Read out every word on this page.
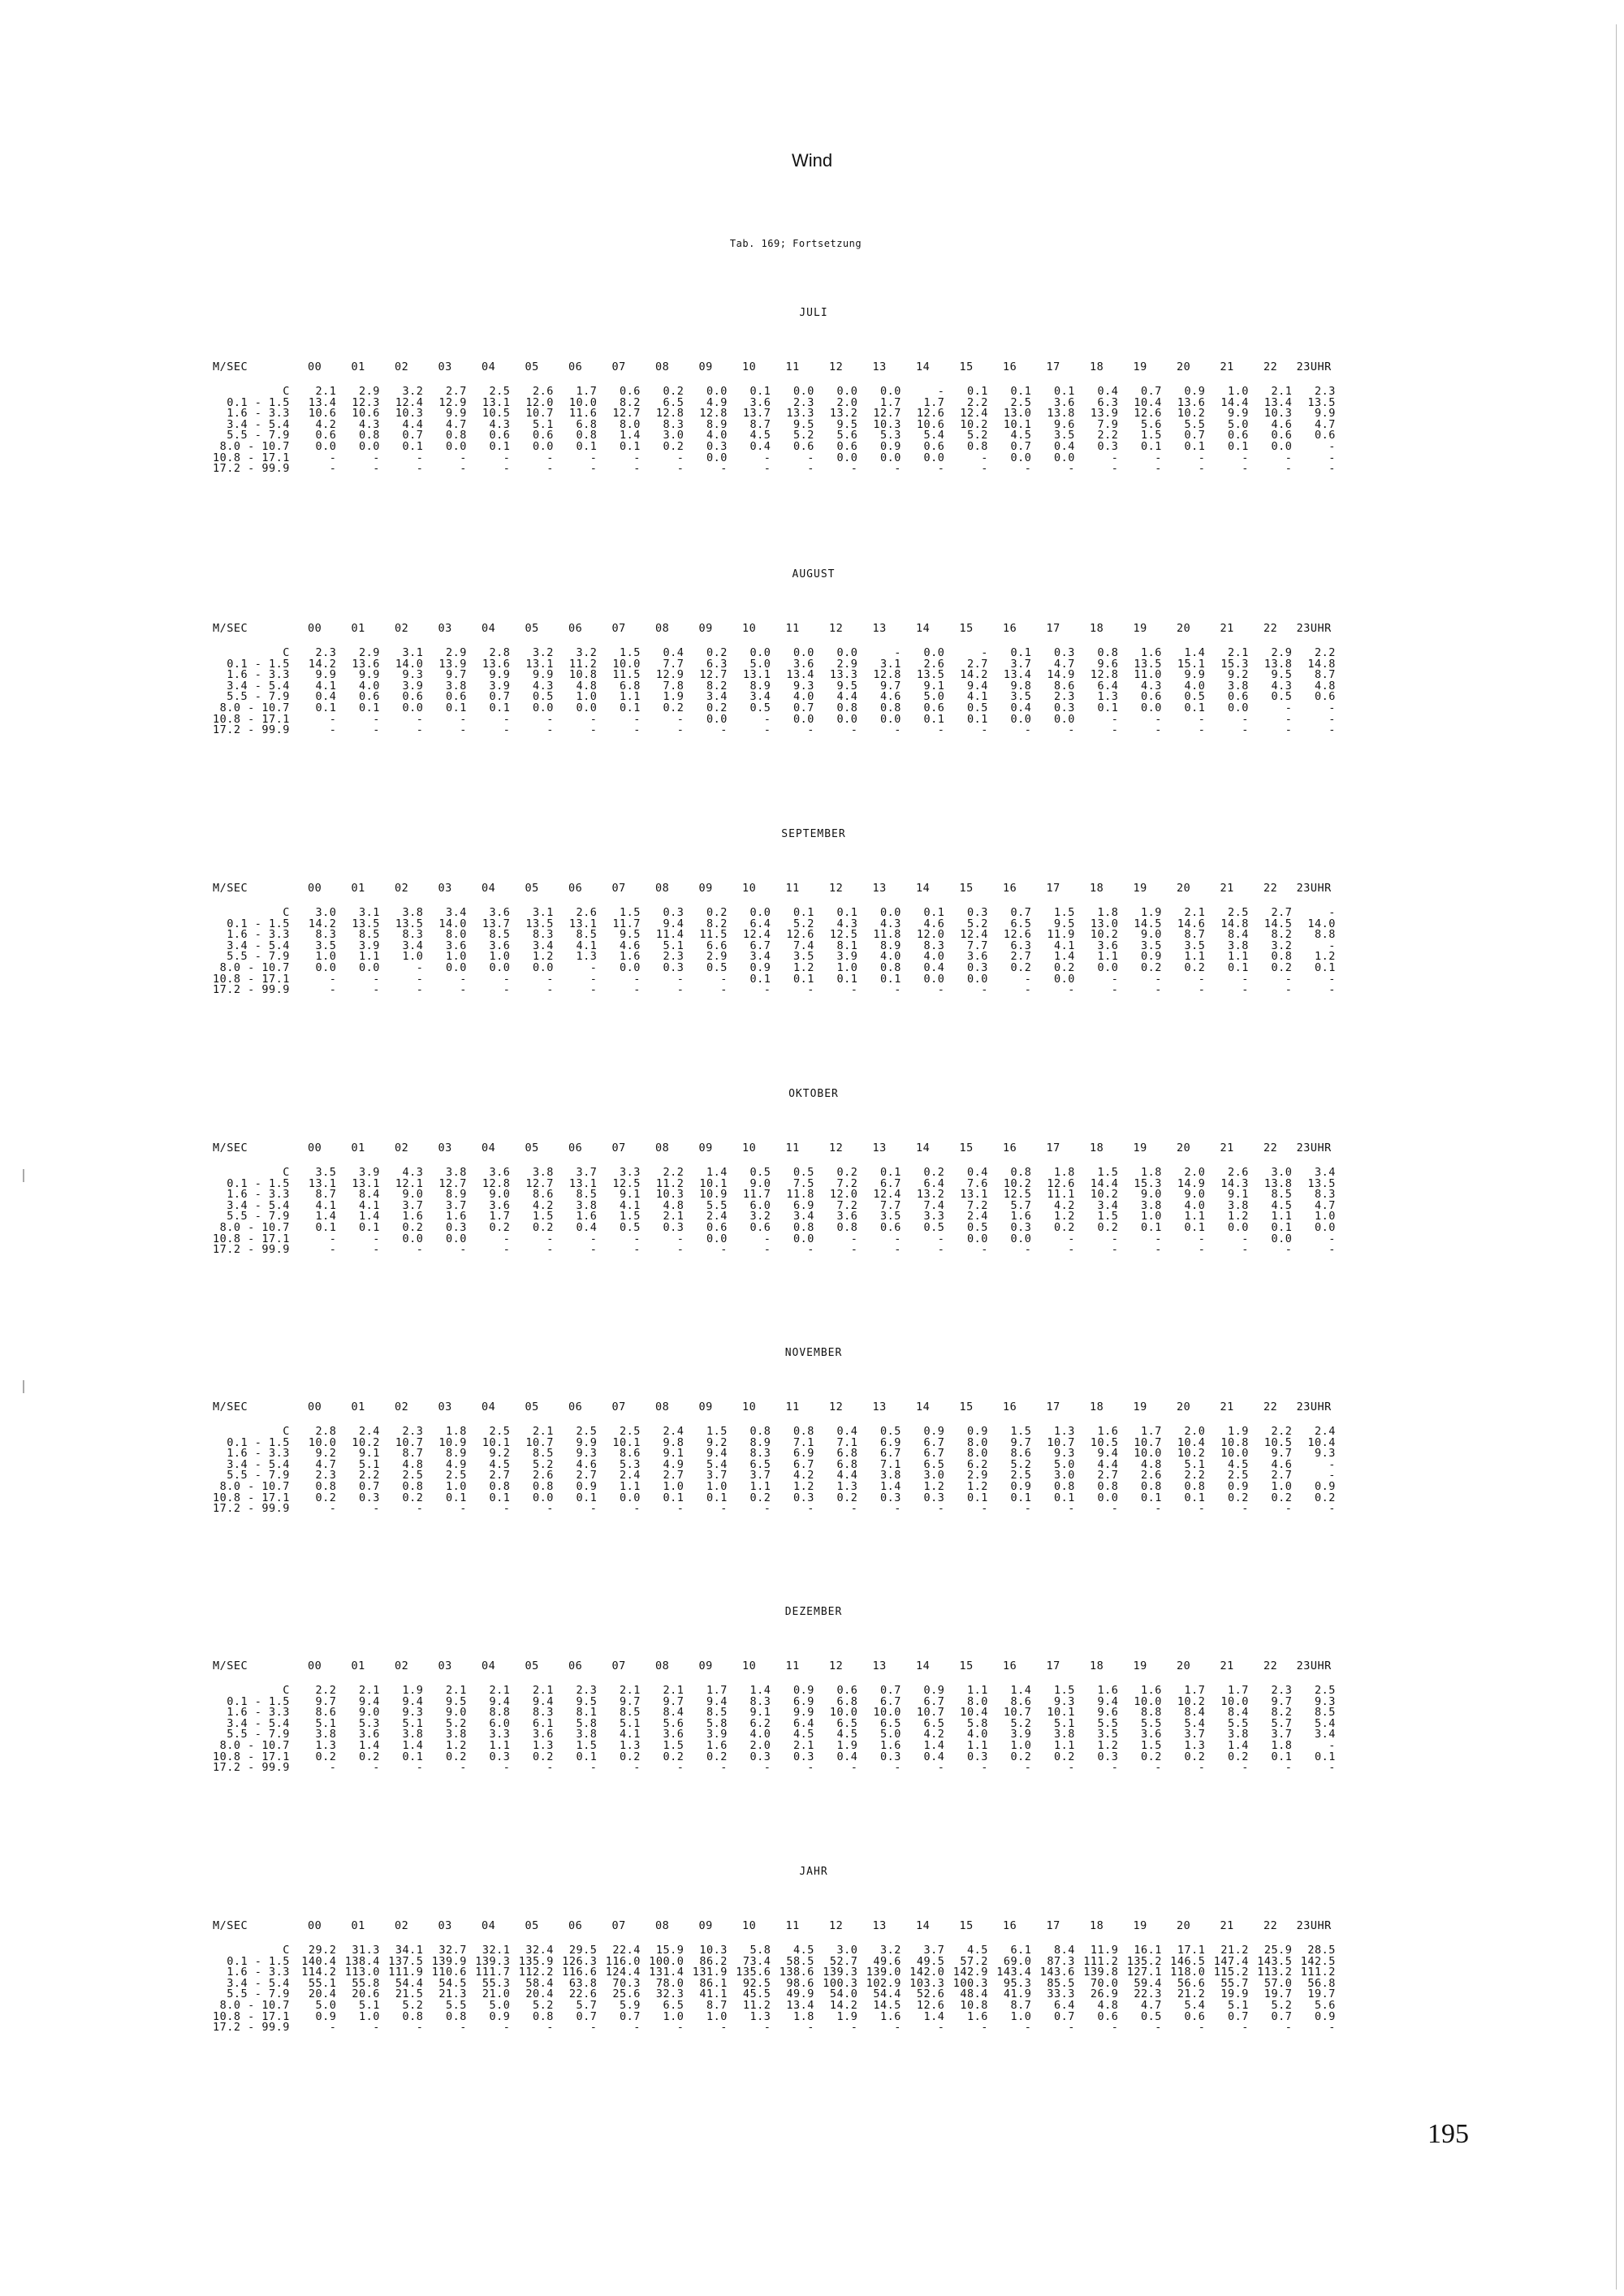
Wind
Tab. 169; Fortsetzung
JULI
M/SEC	00	01	02	03	04	05	06	07	08	09	10	11	12	13	14	15	16	17	18	19	20	21	22	23UHR
C	2.1	2.9	3.2	2.7	2.5	2.6	1.7	0.6	0.2	0.0	0.1	0.0	0.0	0.0	-	0.1	0.1	0.1	0.4	0.7	0.9	1.0	2.1	2.3
0.1 - 1.5	13.4	12.3	12.4	12.9	13.1	12.0	10.0	8.2	6.5	4.9	3.6	2.3	2.0	1.7	1.7	2.2	2.5	3.6	6.3	10.4	13.6	14.4	13.4	13.5
1.6 - 3.3	10.6	10.6	10.3	9.9	10.5	10.7	11.6	12.7	12.8	12.8	13.7	13.3	13.2	12.7	12.6	12.4	13.0	13.8	13.9	12.6	10.2	9.9	10.3	9.9
3.4 - 5.4	4.2	4.3	4.4	4.7	4.3	5.1	6.8	8.0	8.3	8.9	8.7	9.5	9.5	10.3	10.6	10.2	10.1	9.6	7.9	5.6	5.5	5.0	4.6	4.7
5.5 - 7.9	0.6	0.8	0.7	0.8	0.6	0.6	0.8	1.4	3.0	4.0	4.5	5.2	5.6	5.3	5.4	5.2	4.5	3.5	2.2	1.5	0.7	0.6	0.6	0.6
8.0 - 10.7	0.0	0.0	0.1	0.0	0.1	0.0	0.1	0.1	0.2	0.3	0.4	0.6	0.6	0.9	0.6	0.8	0.7	0.4	0.3	0.1	0.1	0.1	0.0	-
10.8 - 17.1	-	-	-	-	-	-	-	-	-	0.0	-	-	0.0	0.0	0.0	-	0.0	0.0	-	-	-	-	-	-
17.2 - 99.9	-	-	-	-	-	-	-	-	-	-	-	-	-	-	-	-	-	-	-	-	-	-	-	-
AUGUST
M/SEC	00	01	02	03	04	05	06	07	08	09	10	11	12	13	14	15	16	17	18	19	20	21	22	23UHR
C	2.3	2.9	3.1	2.9	2.8	3.2	3.2	1.5	0.4	0.2	0.0	0.0	0.0	-	0.0	-	0.1	0.3	0.8	1.6	1.4	2.1	2.9	2.2
0.1 - 1.5	14.2	13.6	14.0	13.9	13.6	13.1	11.2	10.0	7.7	6.3	5.0	3.6	2.9	3.1	2.6	2.7	3.7	4.7	9.6	13.5	15.1	15.3	13.8	14.8
1.6 - 3.3	9.9	9.9	9.3	9.7	9.9	9.9	10.8	11.5	12.9	12.7	13.1	13.4	13.3	12.8	13.5	14.2	13.4	14.9	12.8	11.0	9.9	9.2	9.5	8.7
3.4 - 5.4	4.1	4.0	3.9	3.8	3.9	4.3	4.8	6.8	7.8	8.2	8.9	9.3	9.5	9.7	9.1	9.4	9.8	8.6	6.4	4.3	4.0	3.8	4.3	4.8
5.5 - 7.9	0.4	0.6	0.6	0.6	0.7	0.5	1.0	1.1	1.9	3.4	3.4	4.0	4.4	4.6	5.0	4.1	3.5	2.3	1.3	0.6	0.5	0.6	0.5	0.6
8.0 - 10.7	0.1	0.1	0.0	0.1	0.1	0.0	0.0	0.1	0.2	0.2	0.5	0.7	0.8	0.8	0.6	0.5	0.4	0.3	0.1	0.0	0.1	0.0	-	-
10.8 - 17.1	-	-	-	-	-	-	-	-	-	0.0	-	0.0	0.0	0.0	0.1	0.1	0.0	0.0	-	-	-	-	-	-
17.2 - 99.9	-	-	-	-	-	-	-	-	-	-	-	-	-	-	-	-	-	-	-	-	-	-	-	-
SEPTEMBER
M/SEC	00	01	02	03	04	05	06	07	08	09	10	11	12	13	14	15	16	17	18	19	20	21	22	23UHR
C	3.0	3.1	3.8	3.4	3.6	3.1	2.6	1.5	0.3	0.2	0.0	0.1	0.1	0.0	0.1	0.3	0.7	1.5	1.8	1.9	2.1	2.5	2.7	-
0.1 - 1.5	14.2	13.5	13.5	14.0	13.7	13.5	13.1	11.7	9.4	8.2	6.4	5.2	4.3	4.3	4.6	5.2	6.5	9.5	13.0	14.5	14.6	14.8	14.5	14.0
1.6 - 3.3	8.3	8.5	8.3	8.0	8.5	8.3	8.5	9.5	11.4	11.5	12.4	12.6	12.5	11.8	12.0	12.4	12.6	11.9	10.2	9.0	8.7	8.4	8.2	8.8
3.4 - 5.4	3.5	3.9	3.4	3.6	3.6	3.4	4.1	4.6	5.1	6.6	6.7	7.4	8.1	8.9	8.3	7.7	6.3	4.1	3.6	3.5	3.5	3.8	3.2	-
5.5 - 7.9	1.0	1.1	1.0	1.0	1.0	1.2	1.3	1.6	2.3	2.9	3.4	3.5	3.9	4.0	4.0	3.6	2.7	1.4	1.1	0.9	1.1	1.1	0.8	1.2
8.0 - 10.7	0.0	0.0	-	0.0	0.0	0.0	-	0.0	0.3	0.5	0.9	1.2	1.0	0.8	0.4	0.3	0.2	0.2	0.0	0.2	0.2	0.1	0.2	0.1
10.8 - 17.1	-	-	-	-	-	-	-	-	-	-	0.1	0.1	0.1	0.1	0.0	0.0	-	0.0	-	-	-	-	-	-
17.2 - 99.9	-	-	-	-	-	-	-	-	-	-	-	-	-	-	-	-	-	-	-	-	-	-	-	-
OKTOBER
M/SEC	00	01	02	03	04	05	06	07	08	09	10	11	12	13	14	15	16	17	18	19	20	21	22	23UHR
C	3.5	3.9	4.3	3.8	3.6	3.8	3.7	3.3	2.2	1.4	0.5	0.5	0.2	0.1	0.2	0.4	0.8	1.8	1.5	1.8	2.0	2.6	3.0	3.4
0.1 - 1.5	13.1	13.1	12.1	12.7	12.8	12.7	13.1	12.5	11.2	10.1	9.0	7.5	7.2	6.7	6.4	7.6	10.2	12.6	14.4	15.3	14.9	14.3	13.8	13.5
1.6 - 3.3	8.7	8.4	9.0	8.9	9.0	8.6	8.5	9.1	10.3	10.9	11.7	11.8	12.0	12.4	13.2	13.1	12.5	11.1	10.2	9.0	9.0	9.1	8.5	8.3
3.4 - 5.4	4.1	4.1	3.7	3.7	3.6	4.2	3.8	4.1	4.8	5.5	6.0	6.9	7.2	7.7	7.4	7.2	5.7	4.2	3.4	3.8	4.0	3.8	4.5	4.7
5.5 - 7.9	1.4	1.4	1.6	1.6	1.7	1.5	1.6	1.5	2.1	2.4	3.2	3.4	3.6	3.5	3.3	2.4	1.6	1.2	1.5	1.0	1.1	1.2	1.1	1.0
8.0 - 10.7	0.1	0.1	0.2	0.3	0.2	0.2	0.4	0.5	0.3	0.6	0.6	0.8	0.8	0.6	0.5	0.5	0.3	0.2	0.2	0.1	0.1	0.0	0.1	0.0
10.8 - 17.1	-	-	0.0	0.0	-	-	-	-	-	0.0	-	0.0	-	-	-	0.0	0.0	-	-	-	-	-	0.0	-
17.2 - 99.9	-	-	-	-	-	-	-	-	-	-	-	-	-	-	-	-	-	-	-	-	-	-	-	-
NOVEMBER
M/SEC	00	01	02	03	04	05	06	07	08	09	10	11	12	13	14	15	16	17	18	19	20	21	22	23UHR
C	2.8	2.4	2.3	1.8	2.5	2.1	2.5	2.5	2.4	1.5	0.8	0.8	0.4	0.5	0.9	0.9	1.5	1.3	1.6	1.7	2.0	1.9	2.2	2.4
0.1 - 1.5	10.0	10.2	10.7	10.9	10.1	10.7	9.9	10.1	9.8	9.2	8.9	7.1	7.1	6.9	6.7	8.0	9.7	10.7	10.5	10.7	10.4	10.8	10.5	10.4
1.6 - 3.3	9.2	9.1	8.7	8.9	9.2	8.5	9.3	8.6	9.1	9.4	8.3	6.9	6.8	6.7	6.7	8.0	8.6	9.3	9.4	10.0	10.2	10.0	9.7	9.3
3.4 - 5.4	4.7	5.1	4.8	4.9	4.5	5.2	4.6	5.3	4.9	5.4	6.5	6.7	6.8	7.1	6.5	6.2	5.2	5.0	4.4	4.8	5.1	4.5	4.6	-
5.5 - 7.9	2.3	2.2	2.5	2.5	2.7	2.6	2.7	2.4	2.7	3.7	3.7	4.2	4.4	3.8	3.0	2.9	2.5	3.0	2.7	2.6	2.2	2.5	2.7	-
8.0 - 10.7	0.8	0.7	0.8	1.0	0.8	0.8	0.9	1.1	1.0	1.0	1.1	1.2	1.3	1.4	1.2	1.2	0.9	0.8	0.8	0.8	0.8	0.9	1.0	0.9
10.8 - 17.1	0.2	0.3	0.2	0.1	0.1	0.0	0.1	0.0	0.1	0.1	0.2	0.3	0.2	0.3	0.3	0.1	0.1	0.1	0.0	0.1	0.1	0.2	0.2	0.2
17.2 - 99.9	-	-	-	-	-	-	-	-	-	-	-	-	-	-	-	-	-	-	-	-	-	-	-	-
DEZEMBER
M/SEC	00	01	02	03	04	05	06	07	08	09	10	11	12	13	14	15	16	17	18	19	20	21	22	23UHR
C	2.2	2.1	1.9	2.1	2.1	2.1	2.3	2.1	2.1	1.7	1.4	0.9	0.6	0.7	0.9	1.1	1.4	1.5	1.6	1.6	1.7	1.7	2.3	2.5
0.1 - 1.5	9.7	9.4	9.4	9.5	9.4	9.4	9.5	9.7	9.7	9.4	8.3	6.9	6.8	6.7	6.7	8.0	8.6	9.3	9.4	10.0	10.2	10.0	9.7	9.3
1.6 - 3.3	8.6	9.0	9.3	9.0	8.8	8.3	8.1	8.5	8.4	8.5	9.1	9.9	10.0	10.0	10.7	10.4	10.7	10.1	9.6	8.8	8.4	8.4	8.2	8.5
3.4 - 5.4	5.1	5.3	5.1	5.2	6.0	6.1	5.8	5.1	5.6	5.8	6.2	6.4	6.5	6.5	6.5	5.8	5.2	5.1	5.5	5.5	5.4	5.5	5.7	5.4
5.5 - 7.9	3.8	3.6	3.8	3.8	3.3	3.6	3.8	4.1	3.6	3.9	4.0	4.5	4.5	5.0	4.2	4.0	3.9	3.8	3.5	3.6	3.7	3.8	3.7	3.4
8.0 - 10.7	1.3	1.4	1.4	1.2	1.1	1.3	1.5	1.3	1.5	1.6	2.0	2.1	1.9	1.6	1.4	1.1	1.0	1.1	1.2	1.5	1.3	1.4	1.8	-
10.8 - 17.1	0.2	0.2	0.1	0.2	0.3	0.2	0.1	0.2	0.2	0.2	0.3	0.3	0.4	0.3	0.4	0.3	0.2	0.2	0.3	0.2	0.2	0.2	0.1	0.1
17.2 - 99.9	-	-	-	-	-	-	-	-	-	-	-	-	-	-	-	-	-	-	-	-	-	-	-	-
JAHR
M/SEC	00	01	02	03	04	05	06	07	08	09	10	11	12	13	14	15	16	17	18	19	20	21	22	23UHR
C	29.2	31.3	34.1	32.7	32.1	32.4	29.5	22.4	15.9	10.3	5.8	4.5	3.0	3.2	3.7	4.5	6.1	8.4	11.9	16.1	17.1	21.2	25.9	28.5
0.1 - 1.5	140.4	138.4	137.5	139.9	139.3	135.9	126.3	116.0	100.0	86.2	73.4	58.5	52.7	49.6	49.5	57.2	69.0	87.3	111.2	135.2	146.5	147.4	143.5	142.5
1.6 - 3.3	114.2	113.0	111.9	110.6	111.7	112.2	116.6	124.4	131.4	131.9	135.6	138.6	139.3	139.0	142.0	142.9	143.4	143.6	139.8	127.1	118.0	115.2	113.2	111.2
3.4 - 5.4	55.1	55.8	54.4	54.5	55.3	58.4	63.8	70.3	78.0	86.1	92.5	98.6	100.3	102.9	103.3	100.3	95.3	85.5	70.0	59.4	56.6	55.7	57.0	56.8
5.5 - 7.9	20.4	20.6	21.5	21.3	21.0	20.4	22.6	25.6	32.3	41.1	45.5	49.9	54.0	54.4	52.6	48.4	41.9	33.3	26.9	22.3	21.2	19.9	19.7	19.7
8.0 - 10.7	5.0	5.1	5.2	5.5	5.0	5.2	5.7	5.9	6.5	8.7	11.2	13.4	14.2	14.5	12.6	10.8	8.7	6.4	4.8	4.7	5.4	5.1	5.2	5.6
10.8 - 17.1	0.9	1.0	0.8	0.8	0.9	0.8	0.7	0.7	1.0	1.0	1.3	1.8	1.9	1.6	1.4	1.6	1.0	0.7	0.6	0.5	0.6	0.7	0.7	0.9
17.2 - 99.9	-	-	-	-	-	-	-	-	-	-	-	-	-	-	-	-	-	-	-	-	-	-	-	-
195
